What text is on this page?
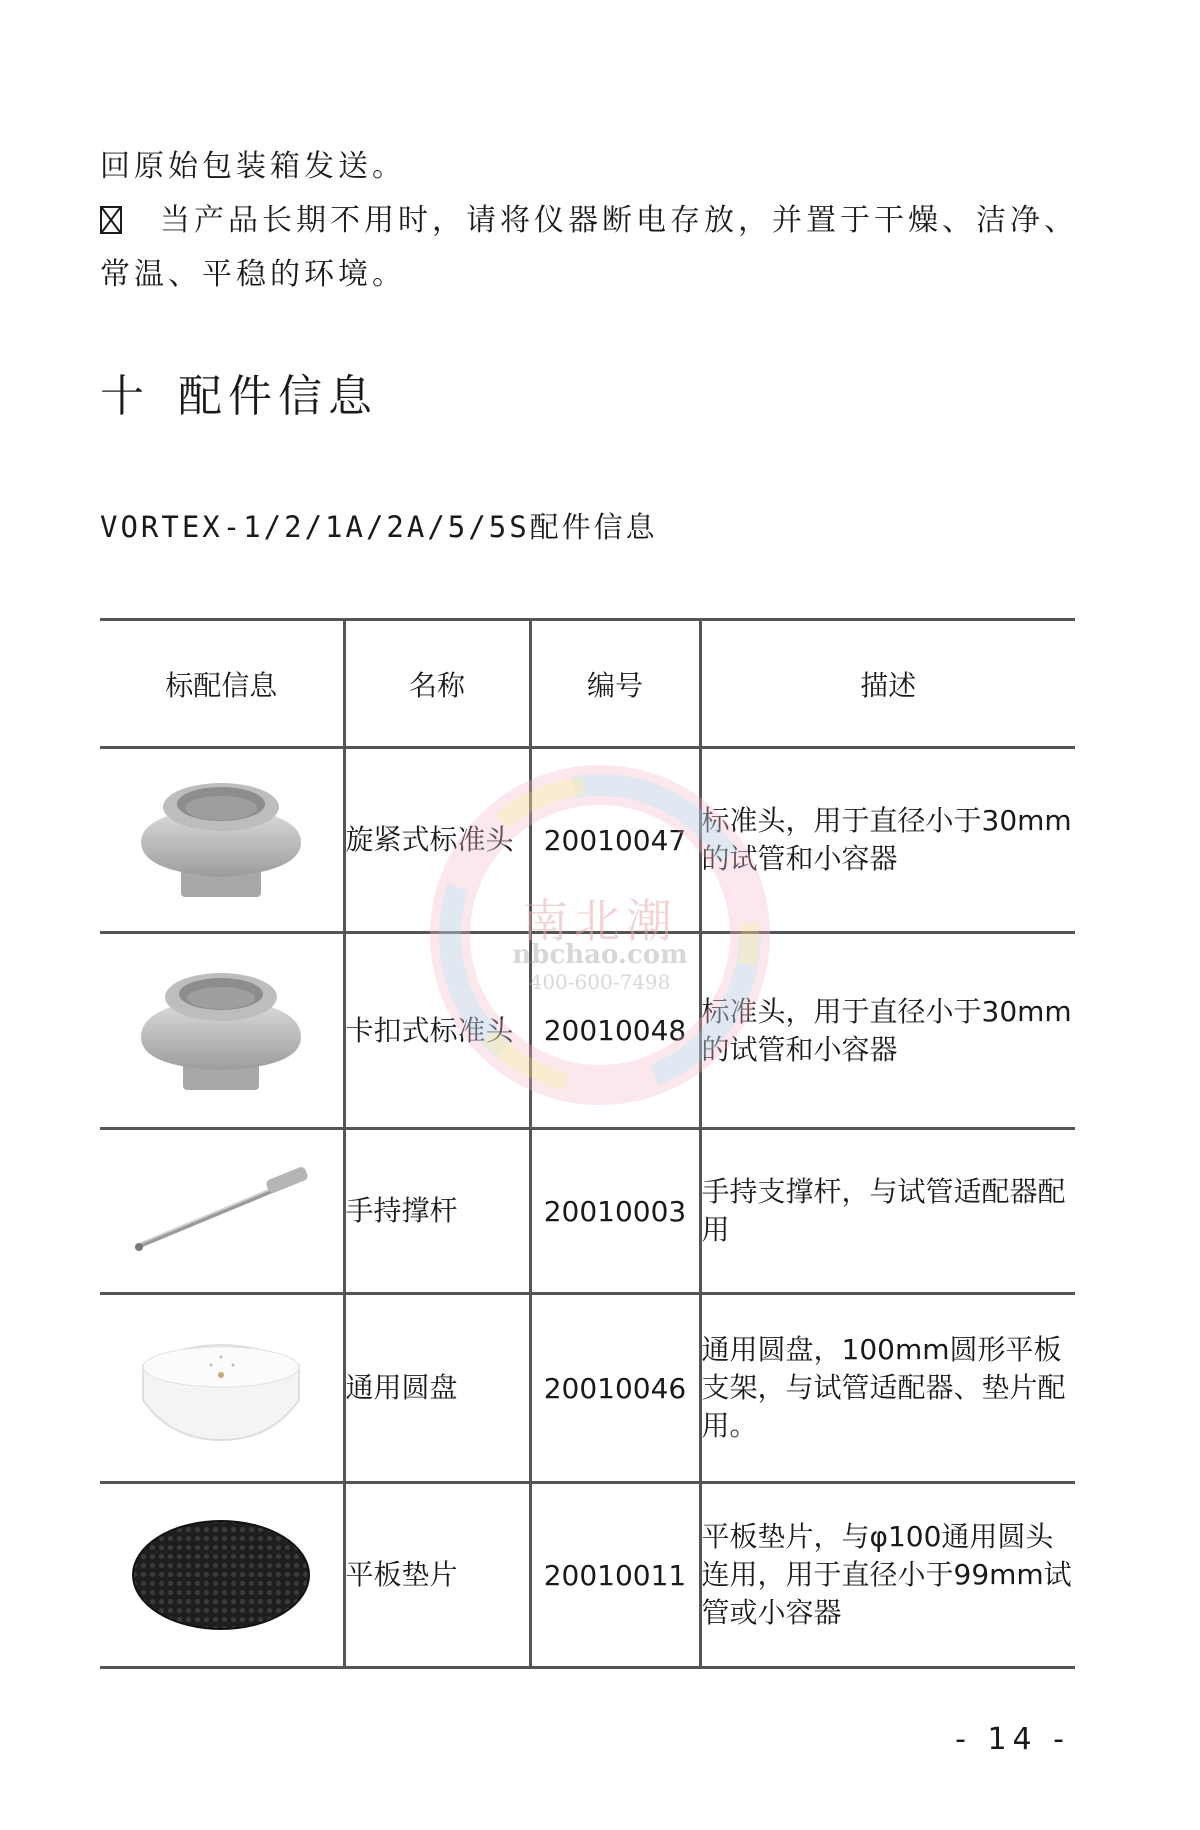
回原始包装箱发送。
当产品长期不用时，请将仪器断电存放，并置于干燥、洁净、常温、平稳的环境。
十 配件信息
VORTEX-1/2/1A/2A/5/5S配件信息
标配信息	名称	编号	描述
	旋紧式标准头	20010047	标准头，用于直径小于30mm的试管和小容器
	卡扣式标准头	20010048	标准头，用于直径小于30mm的试管和小容器
	手持撑杆	20010003	手持支撑杆，与试管适配器配用
	通用圆盘	20010046	通用圆盘，100mm圆形平板支架，与试管适配器、垫片配用。
	平板垫片	20010011	平板垫片，与φ100通用圆头连用，用于直径小于99mm试管或小容器
南北潮
nbchao.com
400-600-7498
- 14 -
